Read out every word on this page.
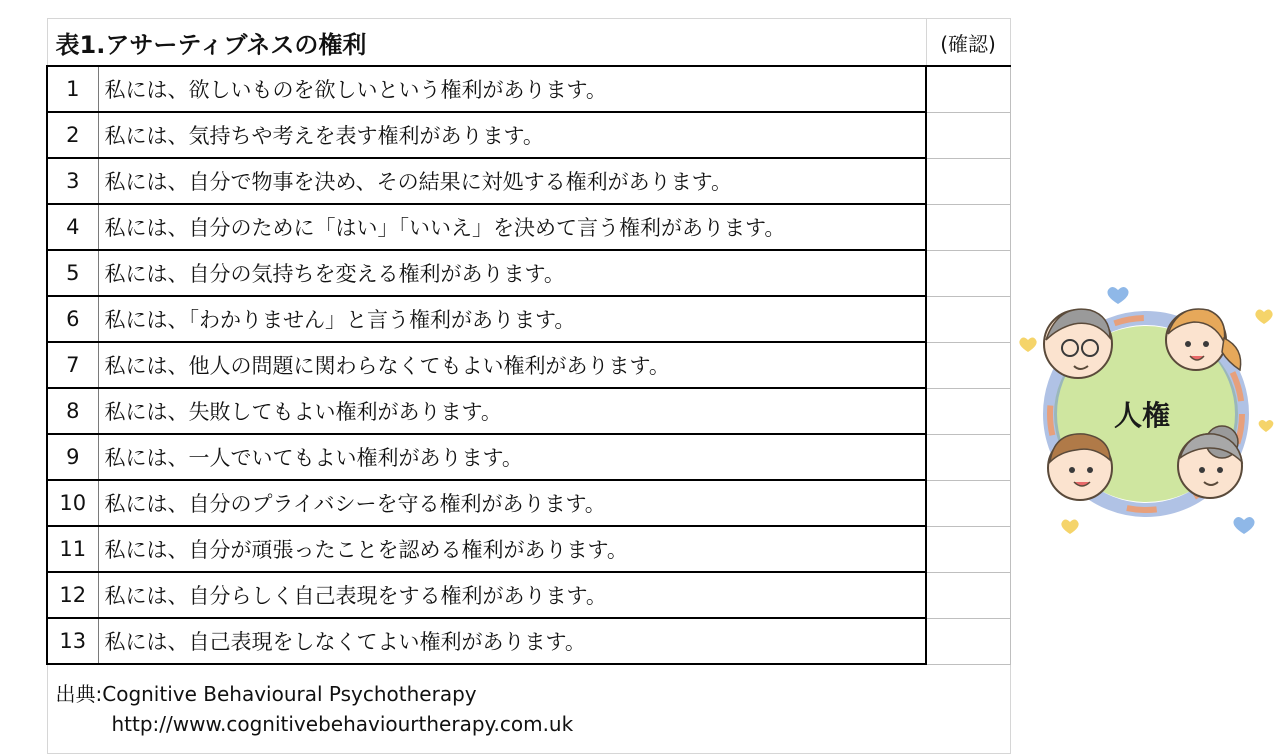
表1.アサーティブネスの権利		(確認)
1	私には、欲しいものを欲しいという権利があります。	
2	私には、気持ちや考えを表す権利があります。	
3	私には、自分で物事を決め、その結果に対処する権利があります。	
4	私には、自分のために「はい」「いいえ」を決めて言う権利があります。	
5	私には、自分の気持ちを変える権利があります。	
6	私には、「わかりません」と言う権利があります。	
7	私には、他人の問題に関わらなくてもよい権利があります。	
8	私には、失敗してもよい権利があります。	
9	私には、一人でいてもよい権利があります。	
10	私には、自分のプライバシーを守る権利があります。	
11	私には、自分が頑張ったことを認める権利があります。	
12	私には、自分らしく自己表現をする権利があります。	
13	私には、自己表現をしなくてよい権利があります。	

出典:Cognitive Behavioural Psychotherapy
http://www.cognitivebehaviourtherapy.com.uk		

人権
